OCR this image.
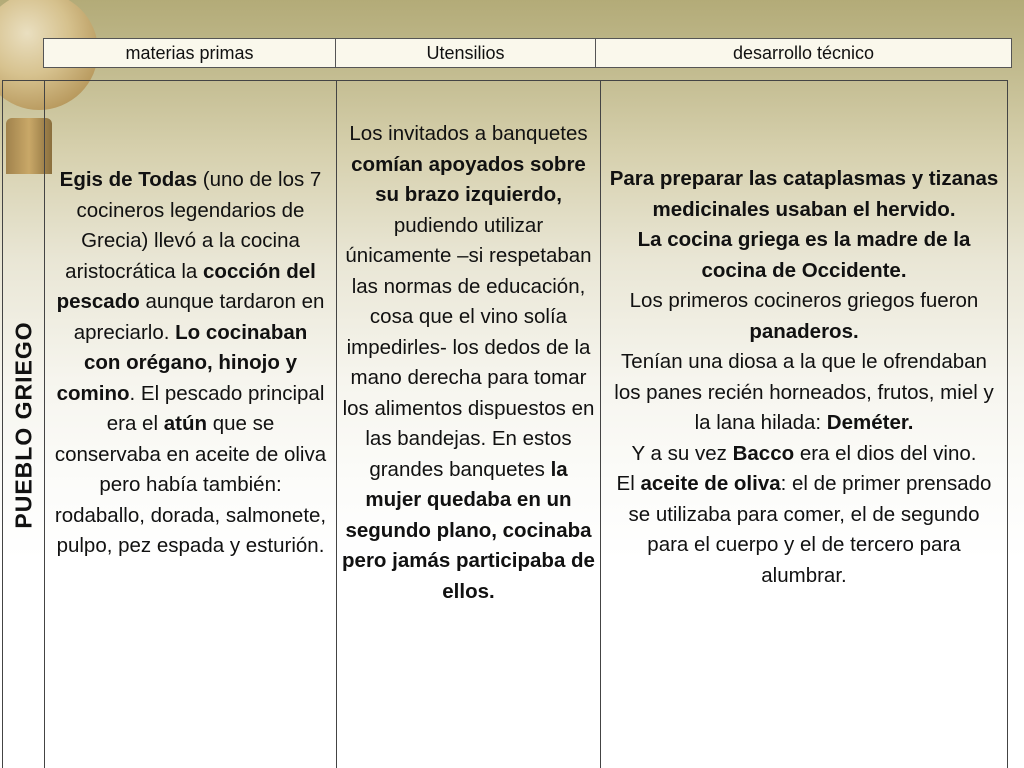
materias primas	Utensilios	desarrollo técnico
PUEBLO GRIEGO

Egis de Todas (uno de los 7 cocineros legendarios de Grecia) llevó a la cocina aristocrática la cocción del pescado aunque tardaron en apreciarlo. Lo cocinaban con orégano, hinojo y comino. El pescado principal era el atún que se conservaba en aceite de oliva pero había también: rodaballo, dorada, salmonete, pulpo, pez espada y esturión.

Los invitados a banquetes comían apoyados sobre su brazo izquierdo, pudiendo utilizar únicamente –si respetaban las normas de educación, cosa que el vino solía impedirles- los dedos de la mano derecha para tomar los alimentos dispuestos en las bandejas. En estos grandes banquetes la mujer quedaba en un segundo plano, cocinaba pero jamás participaba de ellos.

Para preparar las cataplasmas y tizanas medicinales usaban el hervido.

La cocina griega es la madre de la cocina de Occidente.

Los primeros cocineros griegos fueron panaderos.

Tenían una diosa a la que le ofrendaban los panes recién horneados, frutos, miel y la lana hilada: Deméter.

Y a su vez Bacco era el dios del vino.

El aceite de oliva: el de primer prensado se utilizaba para comer, el de segundo para el cuerpo y el de tercero para alumbrar.
